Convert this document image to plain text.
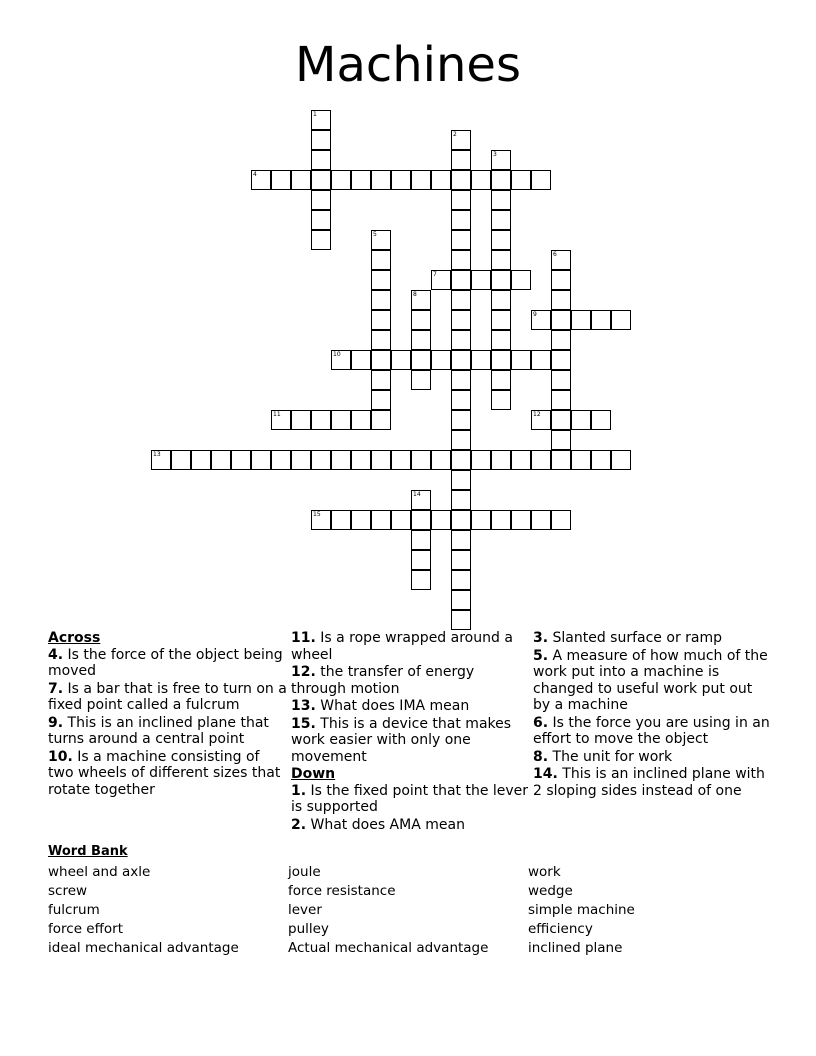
Machines
1
2
3
4
5
6
7
8
9
10
11	12
13
14
15
Across
4. Is the force of the object being moved
7. Is a bar that is free to turn on a fixed point called a fulcrum
9. This is an inclined plane that turns around a central point
10. Is a machine consisting of two wheels of different sizes that rotate together
11. Is a rope wrapped around a wheel
12. the transfer of energy through motion
13. What does IMA mean
15. This is a device that makes work easier with only one movement
Down
1. Is the fixed point that the lever is supported
2. What does AMA mean
3. Slanted surface or ramp
5. A measure of how much of the work put into a machine is changed to useful work put out by a machine
6. Is the force you are using in an effort to move the object
8. The unit for work
14. This is an inclined plane with 2 sloping sides instead of one
Word Bank
wheel and axle
screw
fulcrum
force effort
ideal mechanical advantage
joule
force resistance
lever
pulley
Actual mechanical advantage
work
wedge
simple machine
efficiency
inclined plane
